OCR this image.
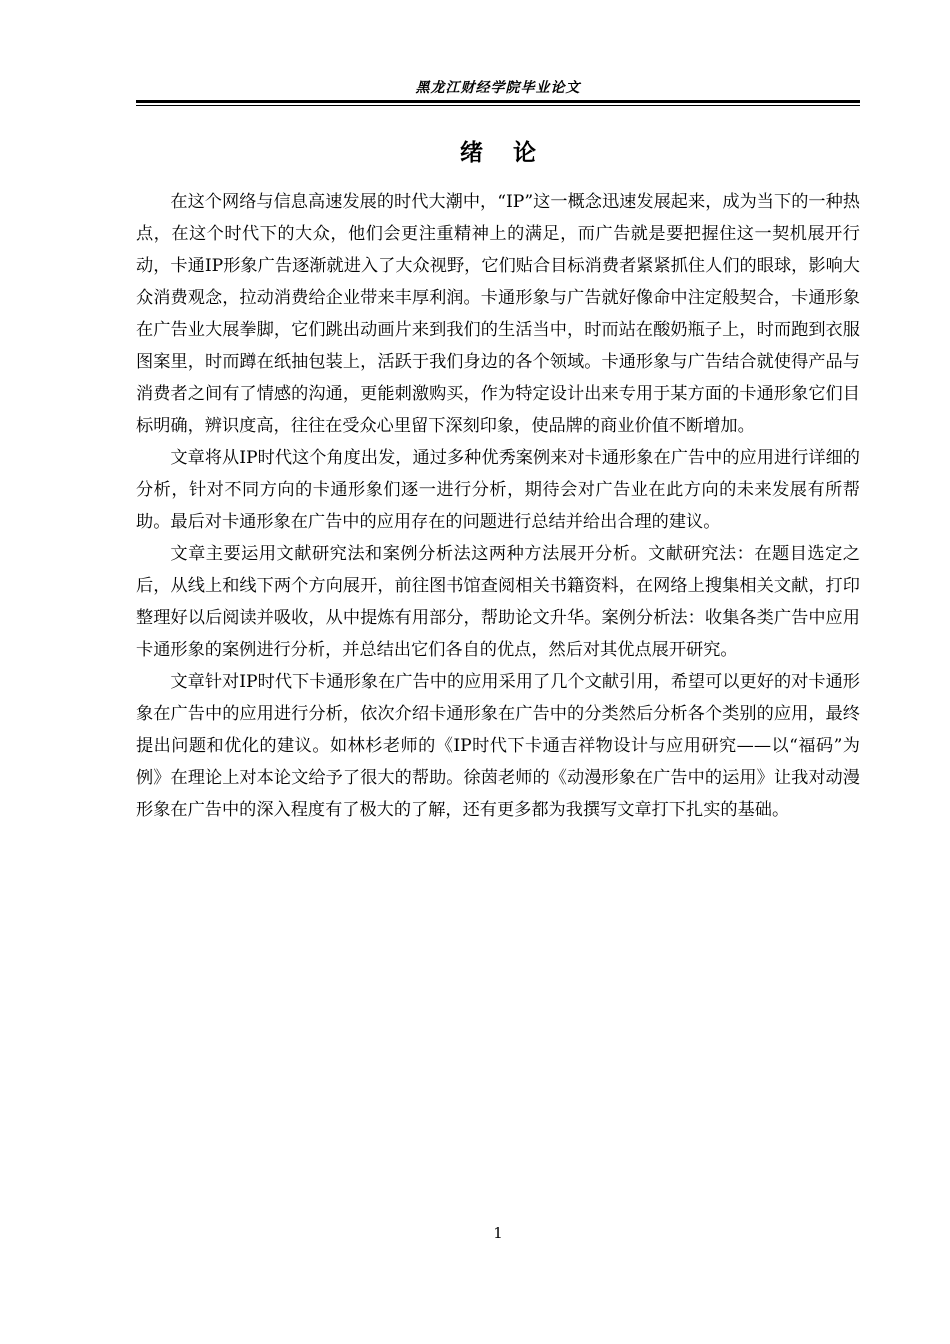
黑龙江财经学院毕业论文
绪论

在这个网络与信息高速发展的时代大潮中，“IP”这一概念迅速发展起来，成为当下的一种热点，在这个时代下的大众，他们会更注重精神上的满足，而广告就是要把握住这一契机展开行动，卡通IP形象广告逐渐就进入了大众视野，它们贴合目标消费者紧紧抓住人们的眼球，影响大众消费观念，拉动消费给企业带来丰厚利润。卡通形象与广告就好像命中注定般契合，卡通形象在广告业大展拳脚，它们跳出动画片来到我们的生活当中，时而站在酸奶瓶子上，时而跑到衣服图案里，时而蹲在纸抽包装上，活跃于我们身边的各个领域。卡通形象与广告结合就使得产品与消费者之间有了情感的沟通，更能刺激购买，作为特定设计出来专用于某方面的卡通形象它们目标明确，辨识度高，往往在受众心里留下深刻印象，使品牌的商业价值不断增加。

文章将从IP时代这个角度出发，通过多种优秀案例来对卡通形象在广告中的应用进行详细的分析，针对不同方向的卡通形象们逐一进行分析，期待会对广告业在此方向的未来发展有所帮助。最后对卡通形象在广告中的应用存在的问题进行总结并给出合理的建议。

文章主要运用文献研究法和案例分析法这两种方法展开分析。文献研究法：在题目选定之后，从线上和线下两个方向展开，前往图书馆查阅相关书籍资料，在网络上搜集相关文献，打印整理好以后阅读并吸收，从中提炼有用部分，帮助论文升华。案例分析法：收集各类广告中应用卡通形象的案例进行分析，并总结出它们各自的优点，然后对其优点展开研究。

文章针对IP时代下卡通形象在广告中的应用采用了几个文献引用，希望可以更好的对卡通形象在广告中的应用进行分析，依次介绍卡通形象在广告中的分类然后分析各个类别的应用，最终提出问题和优化的建议。如林杉老师的《IP时代下卡通吉祥物设计与应用研究——以“福码”为例》在理论上对本论文给予了很大的帮助。徐茵老师的《动漫形象在广告中的运用》让我对动漫形象在广告中的深入程度有了极大的了解，还有更多都为我撰写文章打下扎实的基础。

1
